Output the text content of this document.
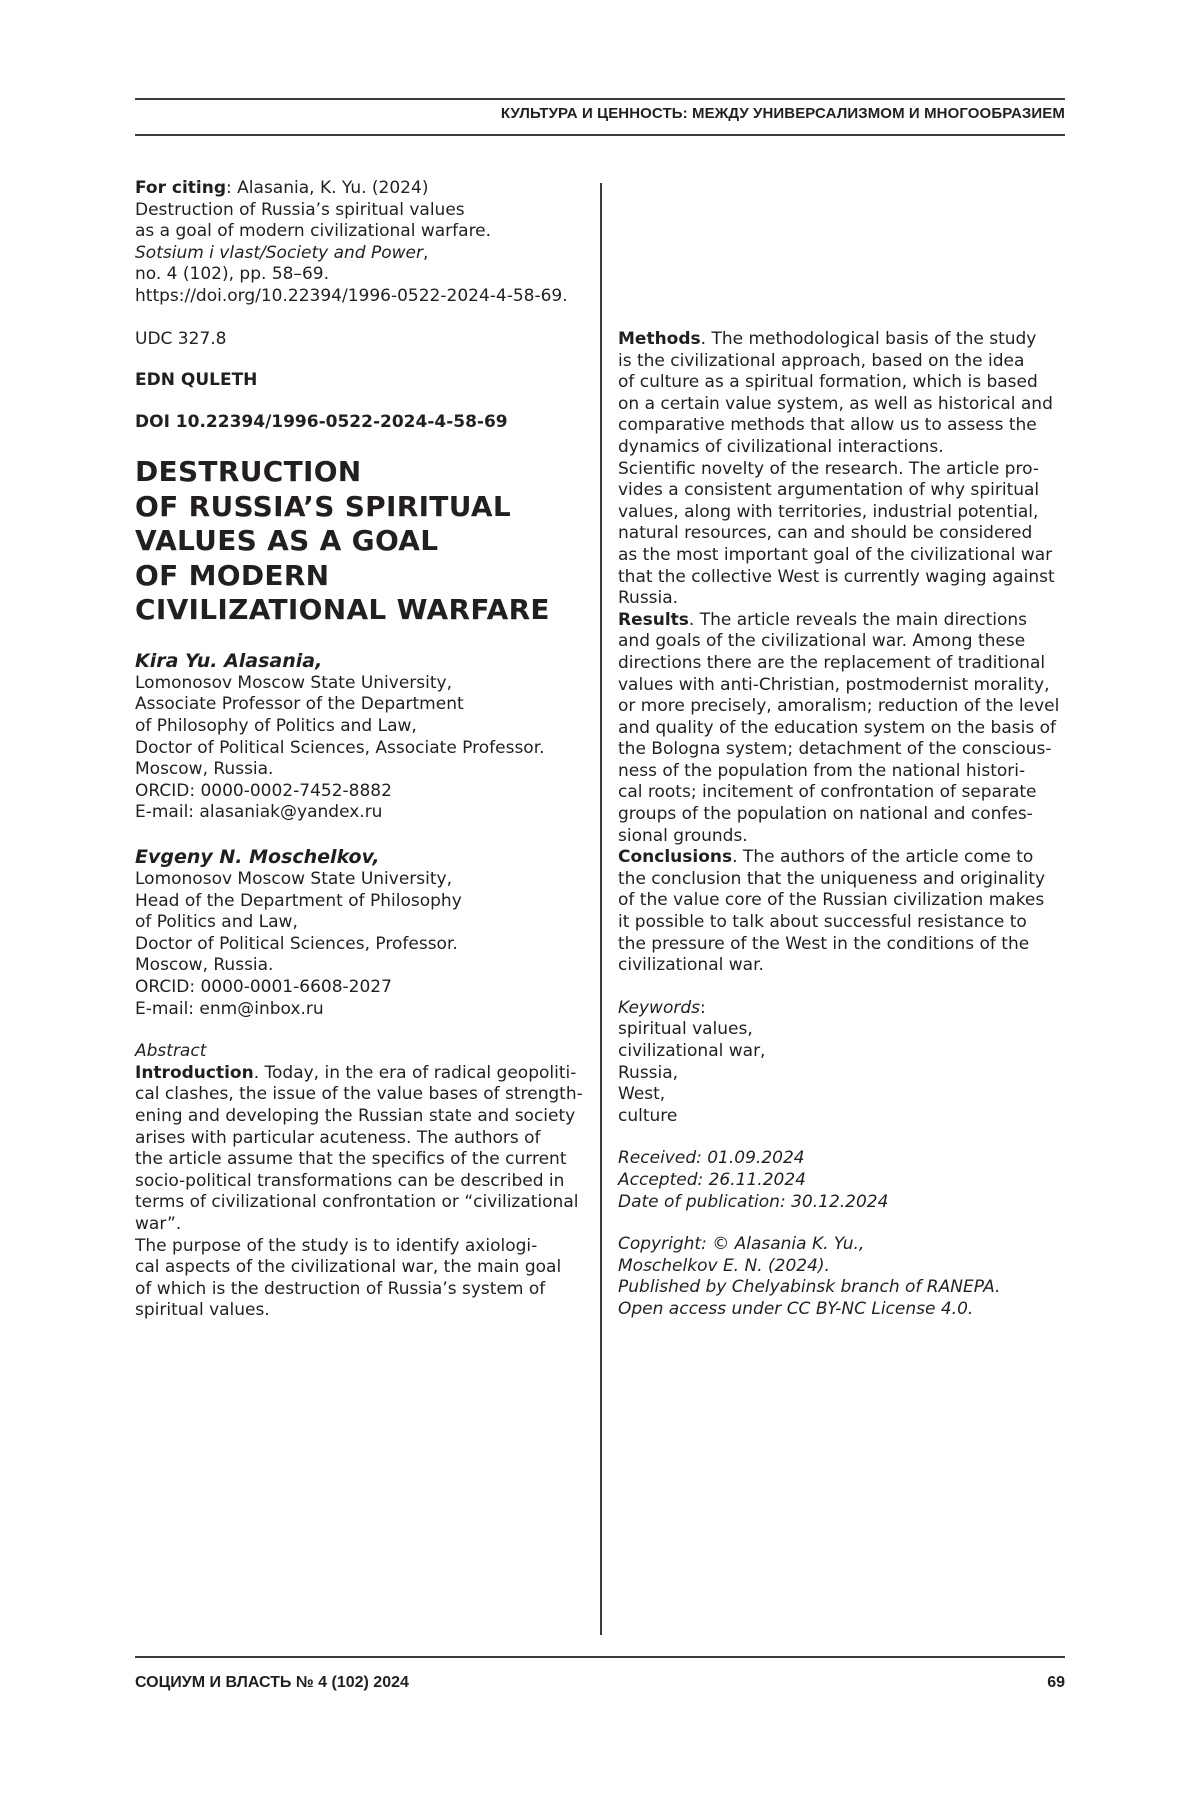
КУЛЬТУРА И ЦЕННОСТЬ: МЕЖДУ УНИВЕРСАЛИЗМОМ И МНОГООБРАЗИЕМ

For citing: Alasania, K. Yu. (2024)

Destruction of Russia’s spiritual values

as a goal of modern civilizational warfare.

Sotsium i vlast/Society and Power,

no. 4 (102), pp. 58–69.

https://doi.org/10.22394/1996-0522-2024-4-58-69.

UDC 327.8

EDN QULETH

DOI 10.22394/1996-0522-2024-4-58-69

DESTRUCTION
OF RUSSIA’S SPIRITUAL
VALUES AS A GOAL
OF MODERN
CIVILIZATIONAL WARFARE

Kira Yu. Alasania,

Lomonosov Moscow State University,

Associate Professor of the Department

of Philosophy of Politics and Law,

Doctor of Political Sciences, Associate Professor.

Moscow, Russia.

ORCID: 0000-0002-7452-8882

E-mail: alasaniak@yandex.ru

Evgeny N. Moschelkov,

Lomonosov Moscow State University,

Head of the Department of Philosophy

of Politics and Law,

Doctor of Political Sciences, Professor.

Moscow, Russia.

ORCID: 0000-0001-6608-2027

E-mail: enm@inbox.ru

Abstract

Introduction. Today, in the era of radical geopoliti-

cal clashes, the issue of the value bases of strength-

ening and developing the Russian state and society

arises with particular acuteness. The authors of

the article assume that the specifics of the current

socio-political transformations can be described in

terms of civilizational confrontation or “civilizational

war”.

The purpose of the study is to identify axiologi-

cal aspects of the civilizational war, the main goal

of which is the destruction of Russia’s system of

spiritual values.

Methods. The methodological basis of the study

is the civilizational approach, based on the idea

of culture as a spiritual formation, which is based

on a certain value system, as well as historical and

comparative methods that allow us to assess the

dynamics of civilizational interactions.

Scientific novelty of the research. The article pro-

vides a consistent argumentation of why spiritual

values, along with territories, industrial potential,

natural resources, can and should be considered

as the most important goal of the civilizational war

that the collective West is currently waging against

Russia.

Results. The article reveals the main directions

and goals of the civilizational war. Among these

directions there are the replacement of traditional

values with anti-Christian, postmodernist morality,

or more precisely, amoralism; reduction of the level

and quality of the education system on the basis of

the Bologna system; detachment of the conscious-

ness of the population from the national histori-

cal roots; incitement of confrontation of separate

groups of the population on national and confes-

sional grounds.

Conclusions. The authors of the article come to

the conclusion that the uniqueness and originality

of the value core of the Russian civilization makes

it possible to talk about successful resistance to

the pressure of the West in the conditions of the

civilizational war.

Keywords:

spiritual values,

civilizational war,

Russia,

West,

culture

Received: 01.09.2024

Accepted: 26.11.2024

Date of publication: 30.12.2024

Copyright: © Alasania K. Yu.,

Moschelkov E. N. (2024).

Published by Chelyabinsk branch of RANEPA.

Open access under CC BY-NC License 4.0.

СОЦИУМ И ВЛАСТЬ № 4 (102) 2024	69
